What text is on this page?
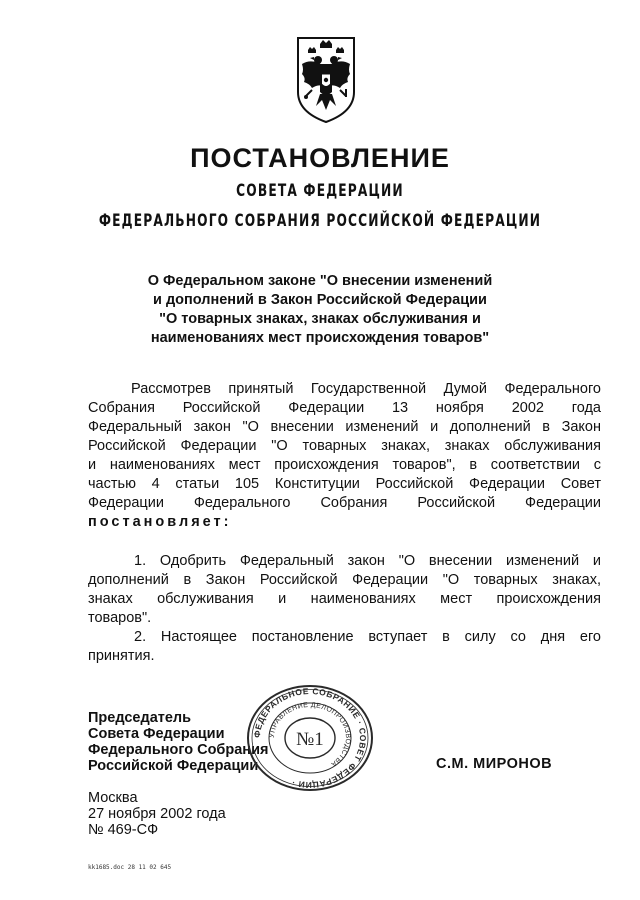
ПОСТАНОВЛЕНИЕ
СОВЕТА ФЕДЕРАЦИИ
ФЕДЕРАЛЬНОГО СОБРАНИЯ РОССИЙСКОЙ ФЕДЕРАЦИИ
О Федеральном законе "О внесении изменений
и дополнений в Закон Российской Федерации
"О товарных знаках, знаках обслуживания и
наименованиях мест происхождения товаров"
Рассмотрев принятый Государственной Думой Федерального
Собрания Российской Федерации 13 ноября 2002 года
Федеральный закон "О внесении изменений и дополнений в Закон
Российской Федерации "О товарных знаках, знаках обслуживания
и наименованиях мест происхождения товаров", в соответствии с
частью 4 статьи 105 Конституции Российской Федерации Совет
Федерации Федерального Собрания Российской Федерации
постановляет:
1. Одобрить Федеральный закон "О внесении изменений и
дополнений в Закон Российской Федерации "О товарных знаках,
знаках обслуживания и наименованиях мест происхождения
товаров".
2. Настоящее постановление вступает в силу со дня его
принятия.
Председатель
Совета Федерации
Федерального Собрания
Российской Федерации	С.М. МИРОНОВ
ФЕДЕРАЛЬНОЕ СОБРАНИЕ · СОВЕТ ФЕДЕРАЦИИ ·
УПРАВЛЕНИЕ ДЕЛОПРОИЗВОДСТВА
№1
Москва
27 ноября 2002 года
№ 469-СФ
kk1685.doc 28 11 02 645
